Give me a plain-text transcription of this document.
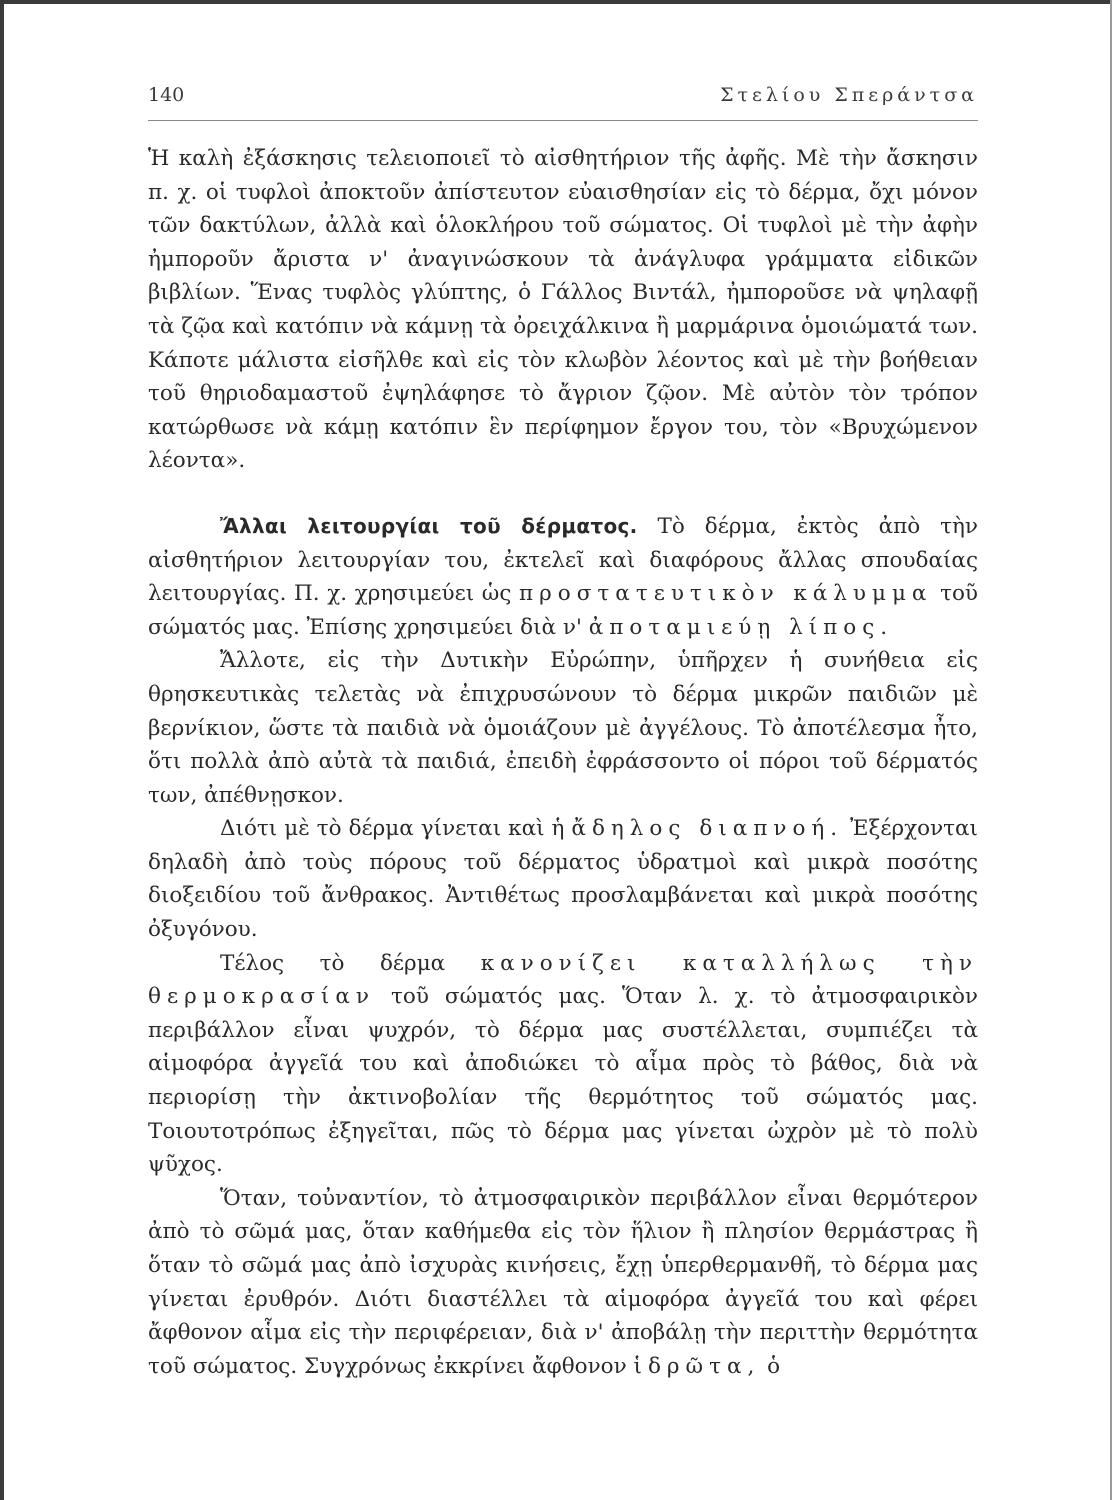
140	Στελίου Σπεράντσα

Ἡ καλὴ ἐξάσκησις τελειοποιεῖ τὸ αἰσθητήριον τῆς ἀφῆς. Μὲ τὴν ἄσκησιν π. χ. οἱ τυφλοὶ ἀποκτοῦν ἀπίστευτον εὐαισθησίαν εἰς τὸ δέρμα, ὄχι μόνον τῶν δακτύλων, ἀλλὰ καὶ ὁλοκλήρου τοῦ σώματος. Οἱ τυφλοὶ μὲ τὴν ἀφὴν ἠμποροῦν ἄριστα ν' ἀναγινώσκουν τὰ ἀνάγλυφα γράμματα εἰδικῶν βιβλίων. Ἕνας τυφλὸς γλύπτης, ὁ Γάλλος Βιντάλ, ἠμποροῦσε νὰ ψηλαφῇ τὰ ζῷα καὶ κατόπιν νὰ κάμνῃ τὰ ὀρειχάλκινα ἢ μαρμάρινα ὁμοιώματά των. Κάποτε μάλιστα εἰσῆλθε καὶ εἰς τὸν κλωβὸν λέοντος καὶ μὲ τὴν βοήθειαν τοῦ θηριοδαμαστοῦ ἐψηλάφησε τὸ ἄγριον ζῷον. Μὲ αὐτὸν τὸν τρόπον κατώρθωσε νὰ κάμῃ κατόπιν ἓν περίφημον ἔργον του, τὸν «Βρυχώμενον λέοντα».

Ἄλλαι λειτουργίαι τοῦ δέρματος. Τὸ δέρμα, ἐκτὸς ἀπὸ τὴν αἰσθητήριον λειτουργίαν του, ἐκτελεῖ καὶ διαφόρους ἄλλας σπουδαίας λειτουργίας. Π. χ. χρησιμεύει ὡς προστατευτικὸν κάλυμμα τοῦ σώματός μας. Ἐπίσης χρησιμεύει διὰ ν' ἀποταμιεύῃ λίπος.

Ἄλλοτε, εἰς τὴν Δυτικὴν Εὐρώπην, ὑπῆρχεν ἡ συνήθεια εἰς θρησκευτικὰς τελετὰς νὰ ἐπιχρυσώνουν τὸ δέρμα μικρῶν παιδιῶν μὲ βερνίκιον, ὥστε τὰ παιδιὰ νὰ ὁμοιάζουν μὲ ἀγγέλους. Τὸ ἀποτέλεσμα ἦτο, ὅτι πολλὰ ἀπὸ αὐτὰ τὰ παιδιά, ἐπειδὴ ἐφράσσοντο οἱ πόροι τοῦ δέρματός των, ἀπέθνῃσκον.

Διότι μὲ τὸ δέρμα γίνεται καὶ ἡ ἄδηλος διαπνοή. Ἐξέρχονται δηλαδὴ ἀπὸ τοὺς πόρους τοῦ δέρματος ὑδρατμοὶ καὶ μικρὰ ποσότης διοξειδίου τοῦ ἄνθρακος. Ἀντιθέτως προσλαμβάνεται καὶ μικρὰ ποσότης ὀξυγόνου.

Τέλος τὸ δέρμα κανονίζει καταλλήλως τὴν θερμοκρασίαν τοῦ σώματός μας. Ὅταν λ. χ. τὸ ἀτμοσφαιρικὸν περιβάλλον εἶναι ψυχρόν, τὸ δέρμα μας συστέλλεται, συμπιέζει τὰ αἱμοφόρα ἀγγεῖά του καὶ ἀποδιώκει τὸ αἷμα πρὸς τὸ βάθος, διὰ νὰ περιορίσῃ τὴν ἀκτινοβολίαν τῆς θερμότητος τοῦ σώματός μας. Τοιουτοτρόπως ἐξηγεῖται, πῶς τὸ δέρμα μας γίνεται ὠχρὸν μὲ τὸ πολὺ ψῦχος.

Ὅταν, τοὐναντίον, τὸ ἀτμοσφαιρικὸν περιβάλλον εἶναι θερμότερον ἀπὸ τὸ σῶμά μας, ὅταν καθήμεθα εἰς τὸν ἥλιον ἢ πλησίον θερμάστρας ἢ ὅταν τὸ σῶμά μας ἀπὸ ἰσχυρὰς κινήσεις, ἔχῃ ὑπερθερμανθῆ, τὸ δέρμα μας γίνεται ἐρυθρόν. Διότι διαστέλλει τὰ αἱμοφόρα ἀγγεῖά του καὶ φέρει ἄφθονον αἷμα εἰς τὴν περιφέρειαν, διὰ ν' ἀποβάλῃ τὴν περιττὴν θερμότητα τοῦ σώματος. Συγχρόνως ἐκκρίνει ἄφθονον ἱδρῶτα, ὁ
